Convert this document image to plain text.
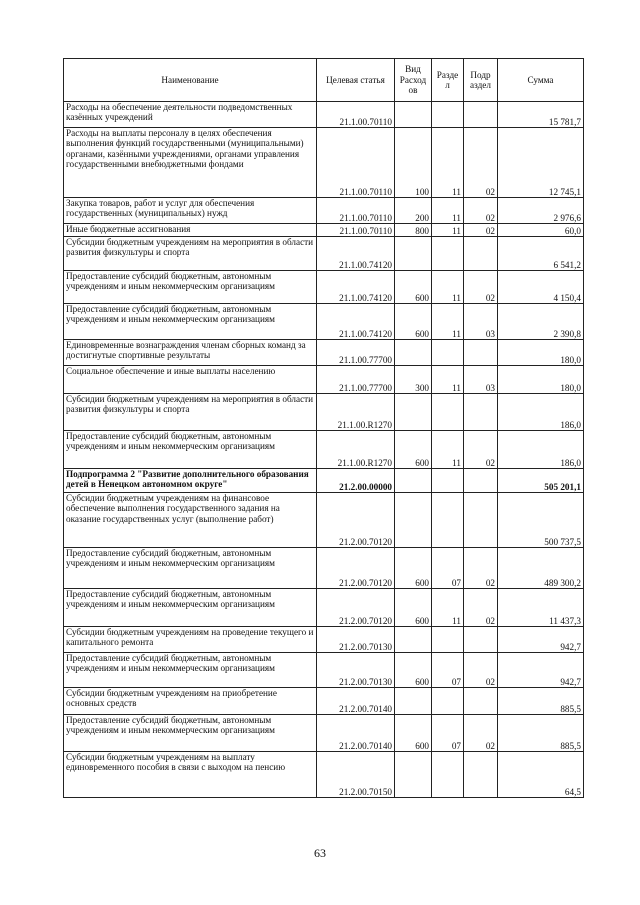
Наименование	Целевая статья	Вид Расход ов	Разде л	Подр аздел	Сумма
Расходы на обеспечение деятельности подведомственных казённых учреждений	21.1.00.70110				15 781,7
Расходы на выплаты персоналу в целях обеспечения выполнения функций государственными (муниципальными) органами, казёнными учреждениями, органами управления государственными внебюджетными фондами	21.1.00.70110	100	11	02	12 745,1
Закупка товаров, работ и услуг для обеспечения государственных (муниципальных) нужд	21.1.00.70110	200	11	02	2 976,6
Иные бюджетные ассигнования	21.1.00.70110	800	11	02	60,0
Субсидии бюджетным учреждениям на мероприятия в области развития физкультуры и спорта	21.1.00.74120				6 541,2
Предоставление субсидий бюджетным, автономным учреждениям и иным некоммерческим организациям	21.1.00.74120	600	11	02	4 150,4
Предоставление субсидий бюджетным, автономным учреждениям и иным некоммерческим организациям	21.1.00.74120	600	11	03	2 390,8
Единовременные вознаграждения членам сборных команд за достигнутые спортивные результаты	21.1.00.77700				180,0
Социальное обеспечение и иные выплаты населению	21.1.00.77700	300	11	03	180,0
Субсидии бюджетным учреждениям на мероприятия в области развития физкультуры и спорта	21.1.00.R1270				186,0
Предоставление субсидий бюджетным, автономным учреждениям и иным некоммерческим организациям	21.1.00.R1270	600	11	02	186,0
Подпрограмма 2 "Развитие дополнительного образования детей в Ненецком автономном округе"	21.2.00.00000				505 201,1
Субсидии бюджетным учреждениям на финансовое обеспечение выполнения государственного задания на оказание государственных услуг (выполнение работ)	21.2.00.70120				500 737,5
Предоставление субсидий бюджетным, автономным учреждениям и иным некоммерческим организациям	21.2.00.70120	600	07	02	489 300,2
Предоставление субсидий бюджетным, автономным учреждениям и иным некоммерческим организациям	21.2.00.70120	600	11	02	11 437,3
Субсидии бюджетным учреждениям на проведение текущего и капитального ремонта	21.2.00.70130				942,7
Предоставление субсидий бюджетным, автономным учреждениям и иным некоммерческим организациям	21.2.00.70130	600	07	02	942,7
Субсидии бюджетным учреждениям на приобретение основных средств	21.2.00.70140				885,5
Предоставление субсидий бюджетным, автономным учреждениям и иным некоммерческим организациям	21.2.00.70140	600	07	02	885,5
Субсидии бюджетным учреждениям на выплату единовременного пособия в связи с выходом на пенсию	21.2.00.70150				64,5
63
